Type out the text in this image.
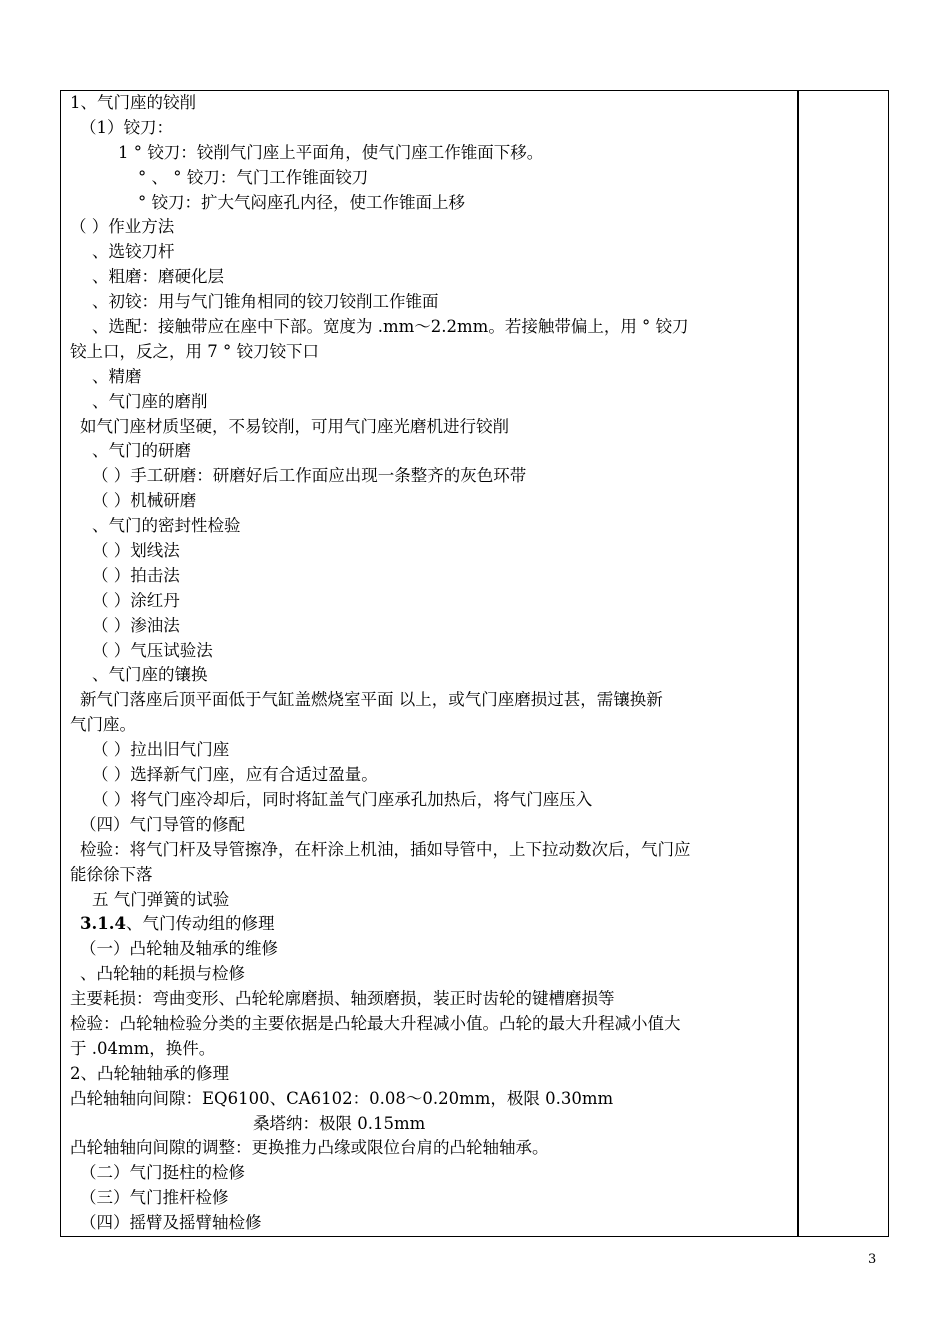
1、气门座的铰削
（1）铰刀：
1 ° 铰刀：铰削气门座上平面角，使气门座工作锥面下移。
° 、 ° 铰刀：气门工作锥面铰刀
° 铰刀：扩大气闷座孔内径，使工作锥面上移
（ ）作业方法
、选铰刀杆
、粗磨：磨硬化层
、初铰：用与气门锥角相同的铰刀铰削工作锥面
、选配：接触带应在座中下部。宽度为 .mm～2.2mm。若接触带偏上，用 ° 铰刀
铰上口，反之，用 7 ° 铰刀铰下口
、精磨
、气门座的磨削
如气门座材质坚硬，不易铰削，可用气门座光磨机进行铰削
、气门的研磨
（ ）手工研磨：研磨好后工作面应出现一条整齐的灰色环带
（ ）机械研磨
、气门的密封性检验
（ ）划线法
（ ）拍击法
（ ）涂红丹
（ ）渗油法
（ ）气压试验法
、气门座的镶换
新气门落座后顶平面低于气缸盖燃烧室平面 以上，或气门座磨损过甚，需镶换新
气门座。
（ ）拉出旧气门座
（ ）选择新气门座，应有合适过盈量。
（ ）将气门座冷却后，同时将缸盖气门座承孔加热后，将气门座压入
（四）气门导管的修配
检验：将气门杆及导管擦净，在杆涂上机油，插如导管中，上下拉动数次后，气门应
能徐徐下落
五 气门弹簧的试验
3.1.4、气门传动组的修理
（一）凸轮轴及轴承的维修
、凸轮轴的耗损与检修
主要耗损：弯曲变形、凸轮轮廓磨损、轴颈磨损，装正时齿轮的键槽磨损等
检验：凸轮轴检验分类的主要依据是凸轮最大升程减小值。凸轮的最大升程减小值大
于 .04mm，换件。
2、凸轮轴轴承的修理
凸轮轴轴向间隙：EQ6100、CA6102：0.08～0.20mm，极限 0.30mm
桑塔纳：极限 0.15mm
凸轮轴轴向间隙的调整：更换推力凸缘或限位台肩的凸轮轴轴承。
（二）气门挺柱的检修
（三）气门推杆检修
（四）摇臂及摇臂轴检修
3
